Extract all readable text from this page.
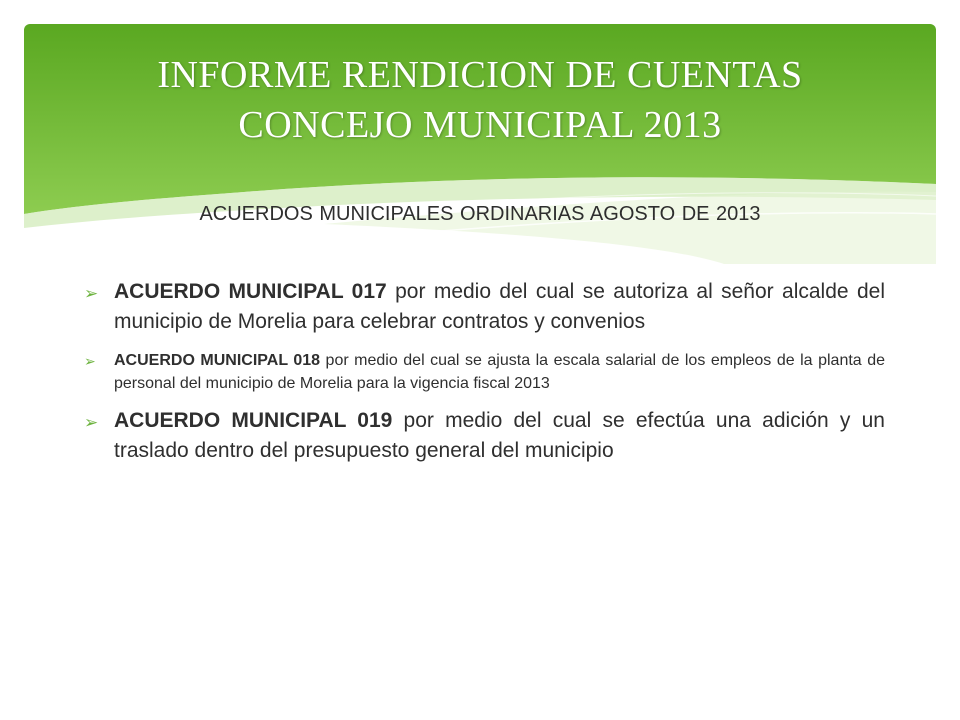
INFORME RENDICION DE CUENTAS
CONCEJO MUNICIPAL 2013
ACUERDOS MUNICIPALES ORDINARIAS AGOSTO DE 2013
➢ ACUERDO MUNICIPAL 017 por medio del cual se autoriza al señor alcalde del municipio de Morelia para celebrar contratos y convenios
➢ ACUERDO MUNICIPAL 018 por medio del cual se ajusta la escala salarial de los empleos de la planta de personal del municipio de Morelia para la vigencia fiscal 2013
➢ ACUERDO MUNICIPAL 019 por medio del cual se efectúa una adición y un traslado dentro del presupuesto general del municipio
